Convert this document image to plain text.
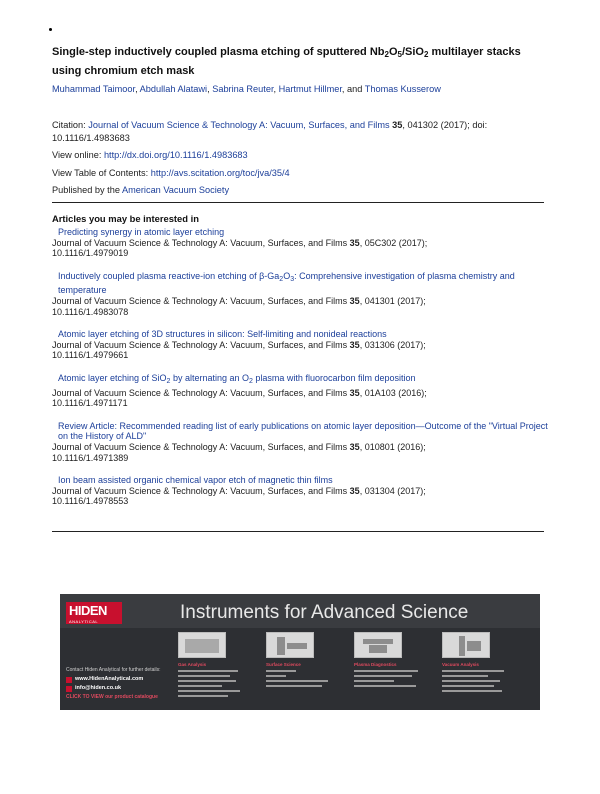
Single-step inductively coupled plasma etching of sputtered $Nb_2O_5/SiO_2$ multilayer stacks using chromium etch mask
Muhammad Taimoor, Abdullah Alatawi, Sabrina Reuter, Hartmut Hillmer, and Thomas Kusserow
Citation: Journal of Vacuum Science & Technology A: Vacuum, Surfaces, and Films 35, 041302 (2017); doi: 10.1116/1.4983683
View online: http://dx.doi.org/10.1116/1.4983683
View Table of Contents: http://avs.scitation.org/toc/jva/35/4
Published by the American Vacuum Society
Articles you may be interested in
Predicting synergy in atomic layer etching
Journal of Vacuum Science & Technology A: Vacuum, Surfaces, and Films 35, 05C302 (2017);
10.1116/1.4979019
Inductively coupled plasma reactive-ion etching of $\beta-Ga_2O_3$: Comprehensive investigation of plasma chemistry and temperature
Journal of Vacuum Science & Technology A: Vacuum, Surfaces, and Films 35, 041301 (2017);
10.1116/1.4983078
Atomic layer etching of 3D structures in silicon: Self-limiting and nonideal reactions
Journal of Vacuum Science & Technology A: Vacuum, Surfaces, and Films 35, 031306 (2017);
10.1116/1.4979661
Atomic layer etching of SiO$_2$ by alternating an $O_2$ plasma with fluorocarbon film deposition
Journal of Vacuum Science & Technology A: Vacuum, Surfaces, and Films 35, 01A103 (2016);
10.1116/1.4971171
Review Article: Recommended reading list of early publications on atomic layer deposition—Outcome of the "Virtual Project on the History of ALD"
Journal of Vacuum Science & Technology A: Vacuum, Surfaces, and Films 35, 010801 (2016);
10.1116/1.4971389
Ion beam assisted organic chemical vapor etch of magnetic thin films
Journal of Vacuum Science & Technology A: Vacuum, Surfaces, and Films 35, 031304 (2017);
10.1116/1.4978553
HIDEN
ANALYTICAL	Instruments for Advanced Science
Contact Hiden Analytical for further details:
www.HidenAnalytical.com
info@hiden.co.uk
CLICK TO VIEW our product catalogue
Gas Analysis	Surface Science	Plasma Diagnostics	Vacuum Analysis
